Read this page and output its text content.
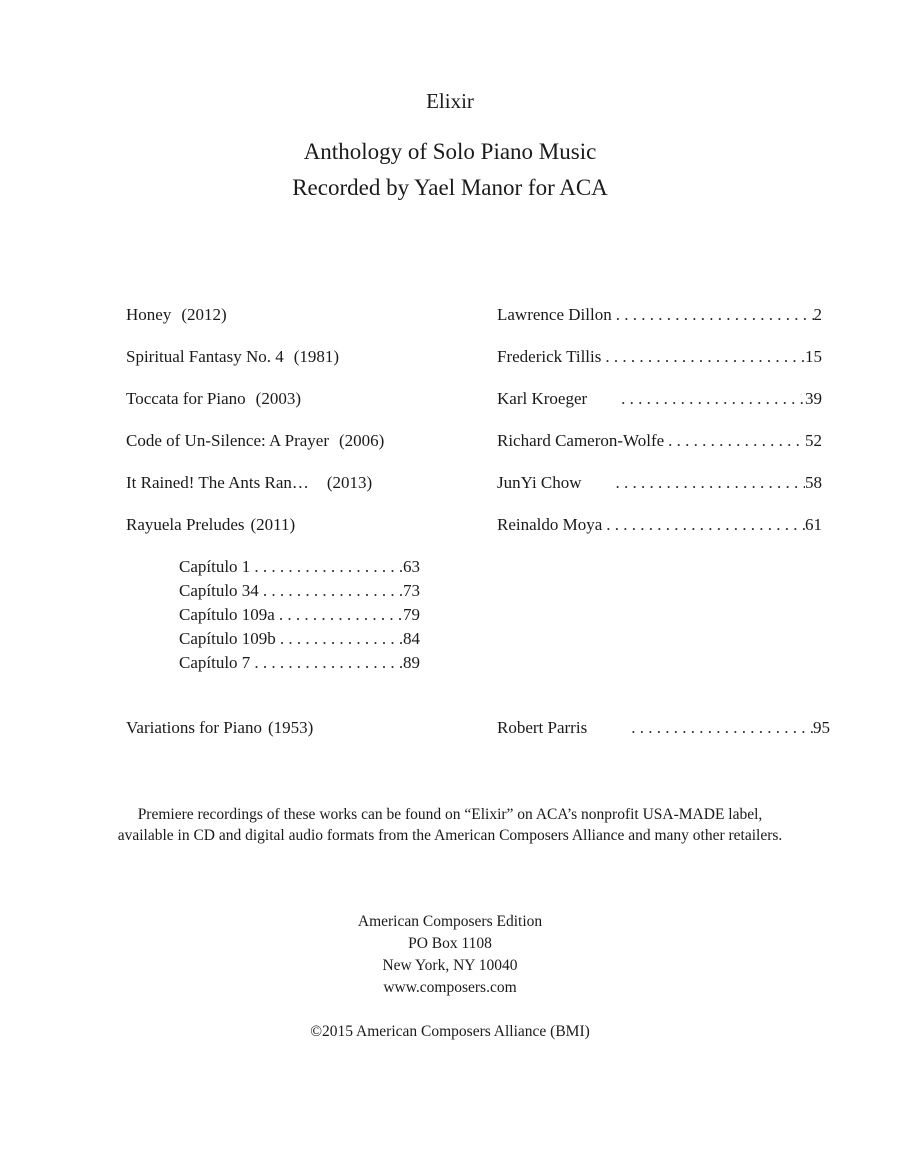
Elixir
Anthology of Solo Piano Music
Recorded by Yael Manor for ACA
Honey (2012)	Lawrence Dillon . . .	2
Spiritual Fantasy No. 4 (1981)	Frederick Tillis . . .	15
Toccata for Piano (2003)	Karl Kroeger . . .	39
Code of Un-Silence: A Prayer (2006)	Richard Cameron-Wolfe . . .	52
It Rained! The Ants Ran… (2013)	JunYi Chow . . .	58
Rayuela Preludes (2011)	Reinaldo Moya . . .	61
Capítulo 1 . . .	63
Capítulo 34 . . .	73
Capítulo 109a . . .	79
Capítulo 109b . . .	84
Capítulo 7 . . .	89
Variations for Piano (1953)	Robert Parris . . .	95
Premiere recordings of these works can be found on “Elixir” on ACA’s nonprofit USA-MADE label,
available in CD and digital audio formats from the American Composers Alliance and many other retailers.
American Composers Edition
PO Box 1108
New York, NY 10040
www.composers.com
©2015 American Composers Alliance (BMI)
